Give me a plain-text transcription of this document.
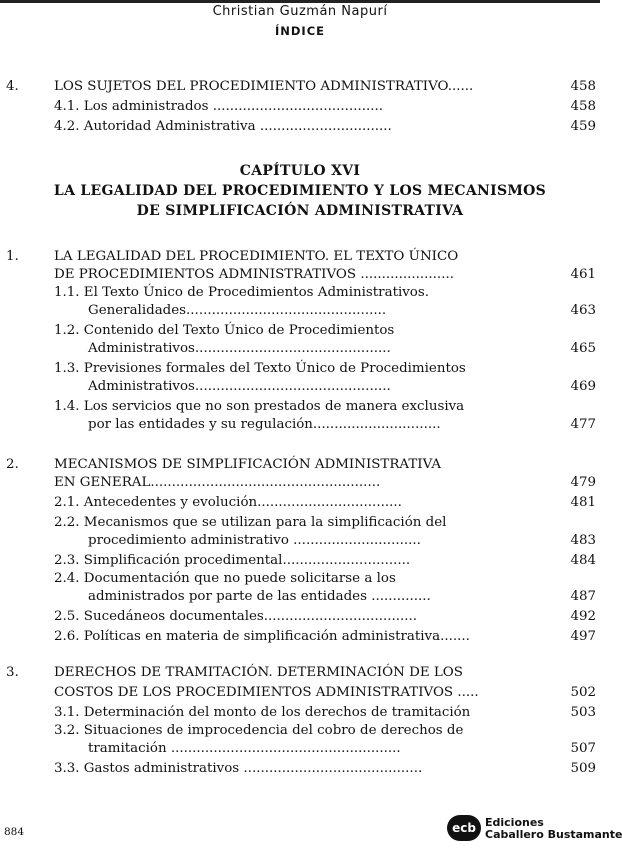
Christian Guzmán Napurí
ÍNDICE
4.	LOS SUJETOS DEL PROCEDIMIENTO ADMINISTRATIVO......	458
4.1. Los administrados ........................................	458
4.2. Autoridad Administrativa ...............................	459
CAPÍTULO XVI
LA LEGALIDAD DEL PROCEDIMIENTO Y LOS MECANISMOS
DE SIMPLIFICACIÓN ADMINISTRATIVA
1.	LA LEGALIDAD DEL PROCEDIMIENTO. EL TEXTO ÚNICO
DE PROCEDIMIENTOS ADMINISTRATIVOS ......................	461
1.1. El Texto Único de Procedimientos Administrativos.
Generalidades...............................................	463
1.2. Contenido del Texto Único de Procedimientos
Administrativos..............................................	465
1.3. Previsiones formales del Texto Único de Procedimientos
Administrativos..............................................	469
1.4. Los servicios que no son prestados de manera exclusiva
por las entidades y su regulación..............................	477
2.	MECANISMOS DE SIMPLIFICACIÓN ADMINISTRATIVA
EN GENERAL......................................................	479
2.1. Antecedentes y evolución..................................	481
2.2. Mecanismos que se utilizan para la simplificación del
procedimiento administrativo ..............................	483
2.3. Simplificación procedimental..............................	484
2.4. Documentación que no puede solicitarse a los
administrados por parte de las entidades ..............	487
2.5. Sucedáneos documentales....................................	492
2.6. Políticas en materia de simplificación administrativa.......	497
3.	DERECHOS DE TRAMITACIÓN. DETERMINACIÓN DE LOS
COSTOS DE LOS PROCEDIMIENTOS ADMINISTRATIVOS .....	502
3.1. Determinación del monto de los derechos de tramitación	503
3.2. Situaciones de improcedencia del cobro de derechos de
tramitación ......................................................	507
3.3. Gastos administrativos ..........................................	509
884	ecb Ediciones
Caballero Bustamante
